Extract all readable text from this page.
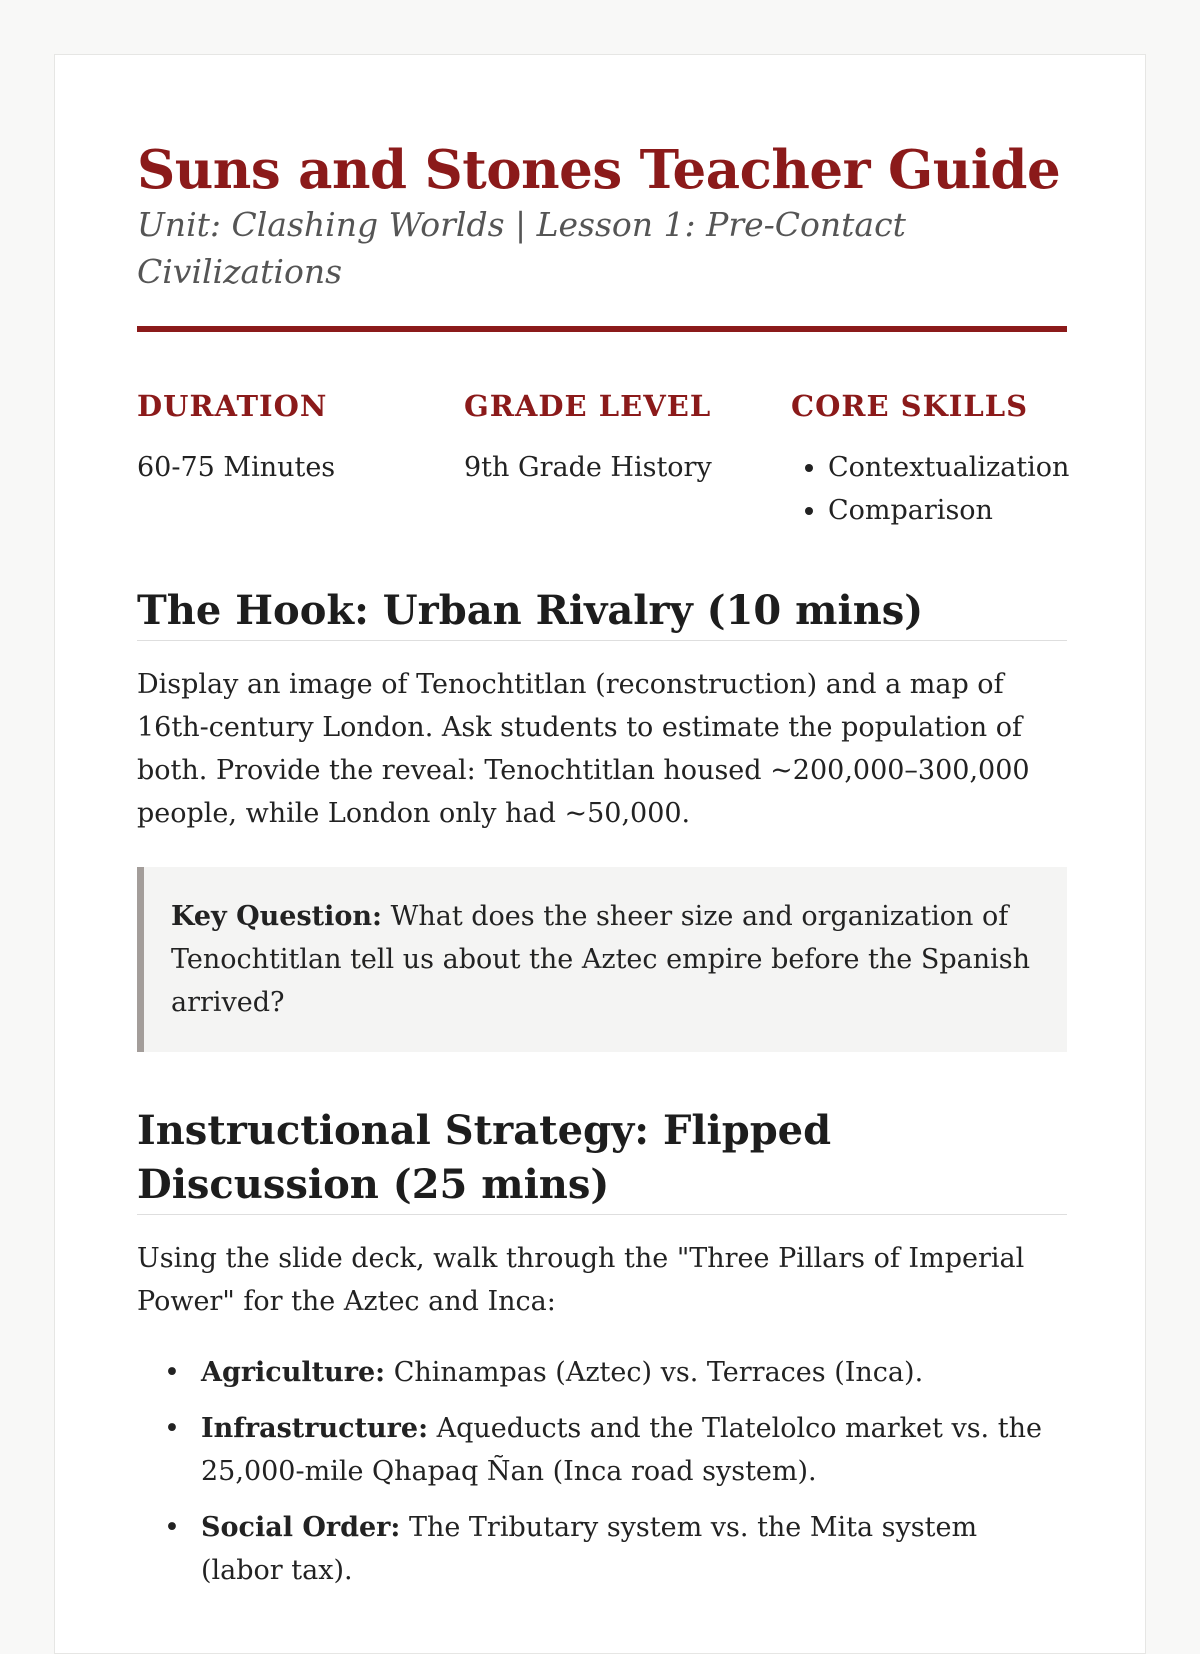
Suns and Stones Teacher Guide

Unit: Clashing Worlds | Lesson 1: Pre-Contact Civilizations

DURATION
60-75 Minutes
GRADE LEVEL
9th Grade History
CORE SKILLS
• Contextualization
• Comparison
The Hook: Urban Rivalry (10 mins)

Display an image of Tenochtitlan (reconstruction) and a map of 16th-century London. Ask students to estimate the population of both. Provide the reveal: Tenochtitlan housed ~200,000–300,000 people, while London only had ~50,000.

Key Question: What does the sheer size and organization of Tenochtitlan tell us about the Aztec empire before the Spanish arrived?
Instructional Strategy: Flipped Discussion (25 mins)

Using the slide deck, walk through the "Three Pillars of Imperial Power" for the Aztec and Inca:

• Agriculture: Chinampas (Aztec) vs. Terraces (Inca).
• Infrastructure: Aqueducts and the Tlatelolco market vs. the 25,000-mile Qhapaq Ñan (Inca road system).
• Social Order: The Tributary system vs. the Mita system (labor tax).
